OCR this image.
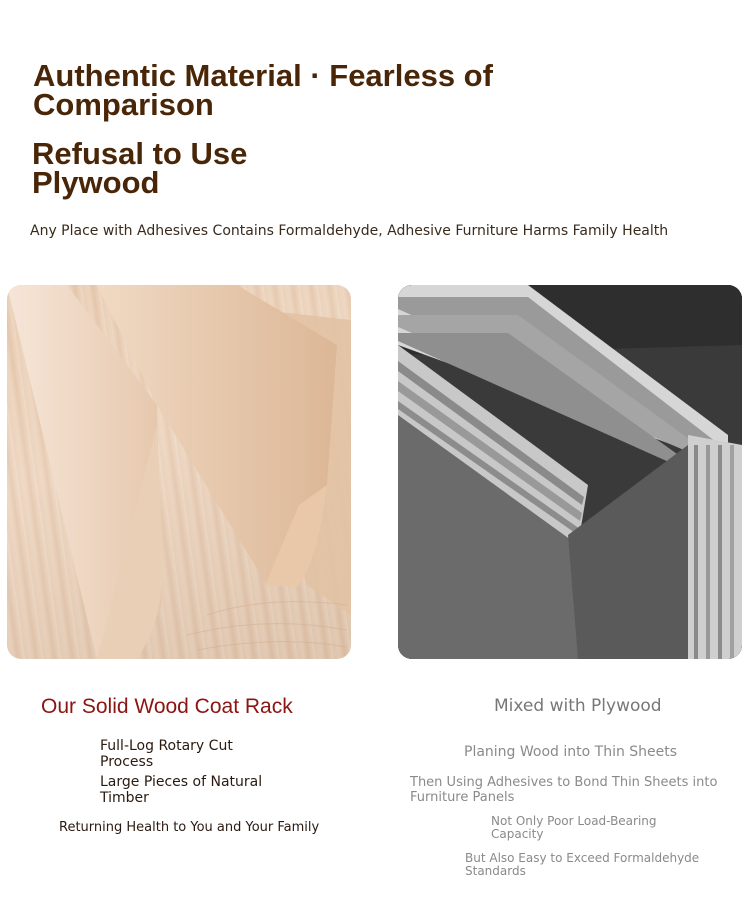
Authentic Material · Fearless of
Comparison
Refusal to Use
Plywood
Any Place with Adhesives Contains Formaldehyde, Adhesive Furniture Harms Family Health
Our Solid Wood Coat Rack
Full-Log Rotary Cut
Process
Large Pieces of Natural
Timber
Returning Health to You and Your Family
Mixed with Plywood
Planing Wood into Thin Sheets
Then Using Adhesives to Bond Thin Sheets into
Furniture Panels
Not Only Poor Load-Bearing
Capacity
But Also Easy to Exceed Formaldehyde
Standards
